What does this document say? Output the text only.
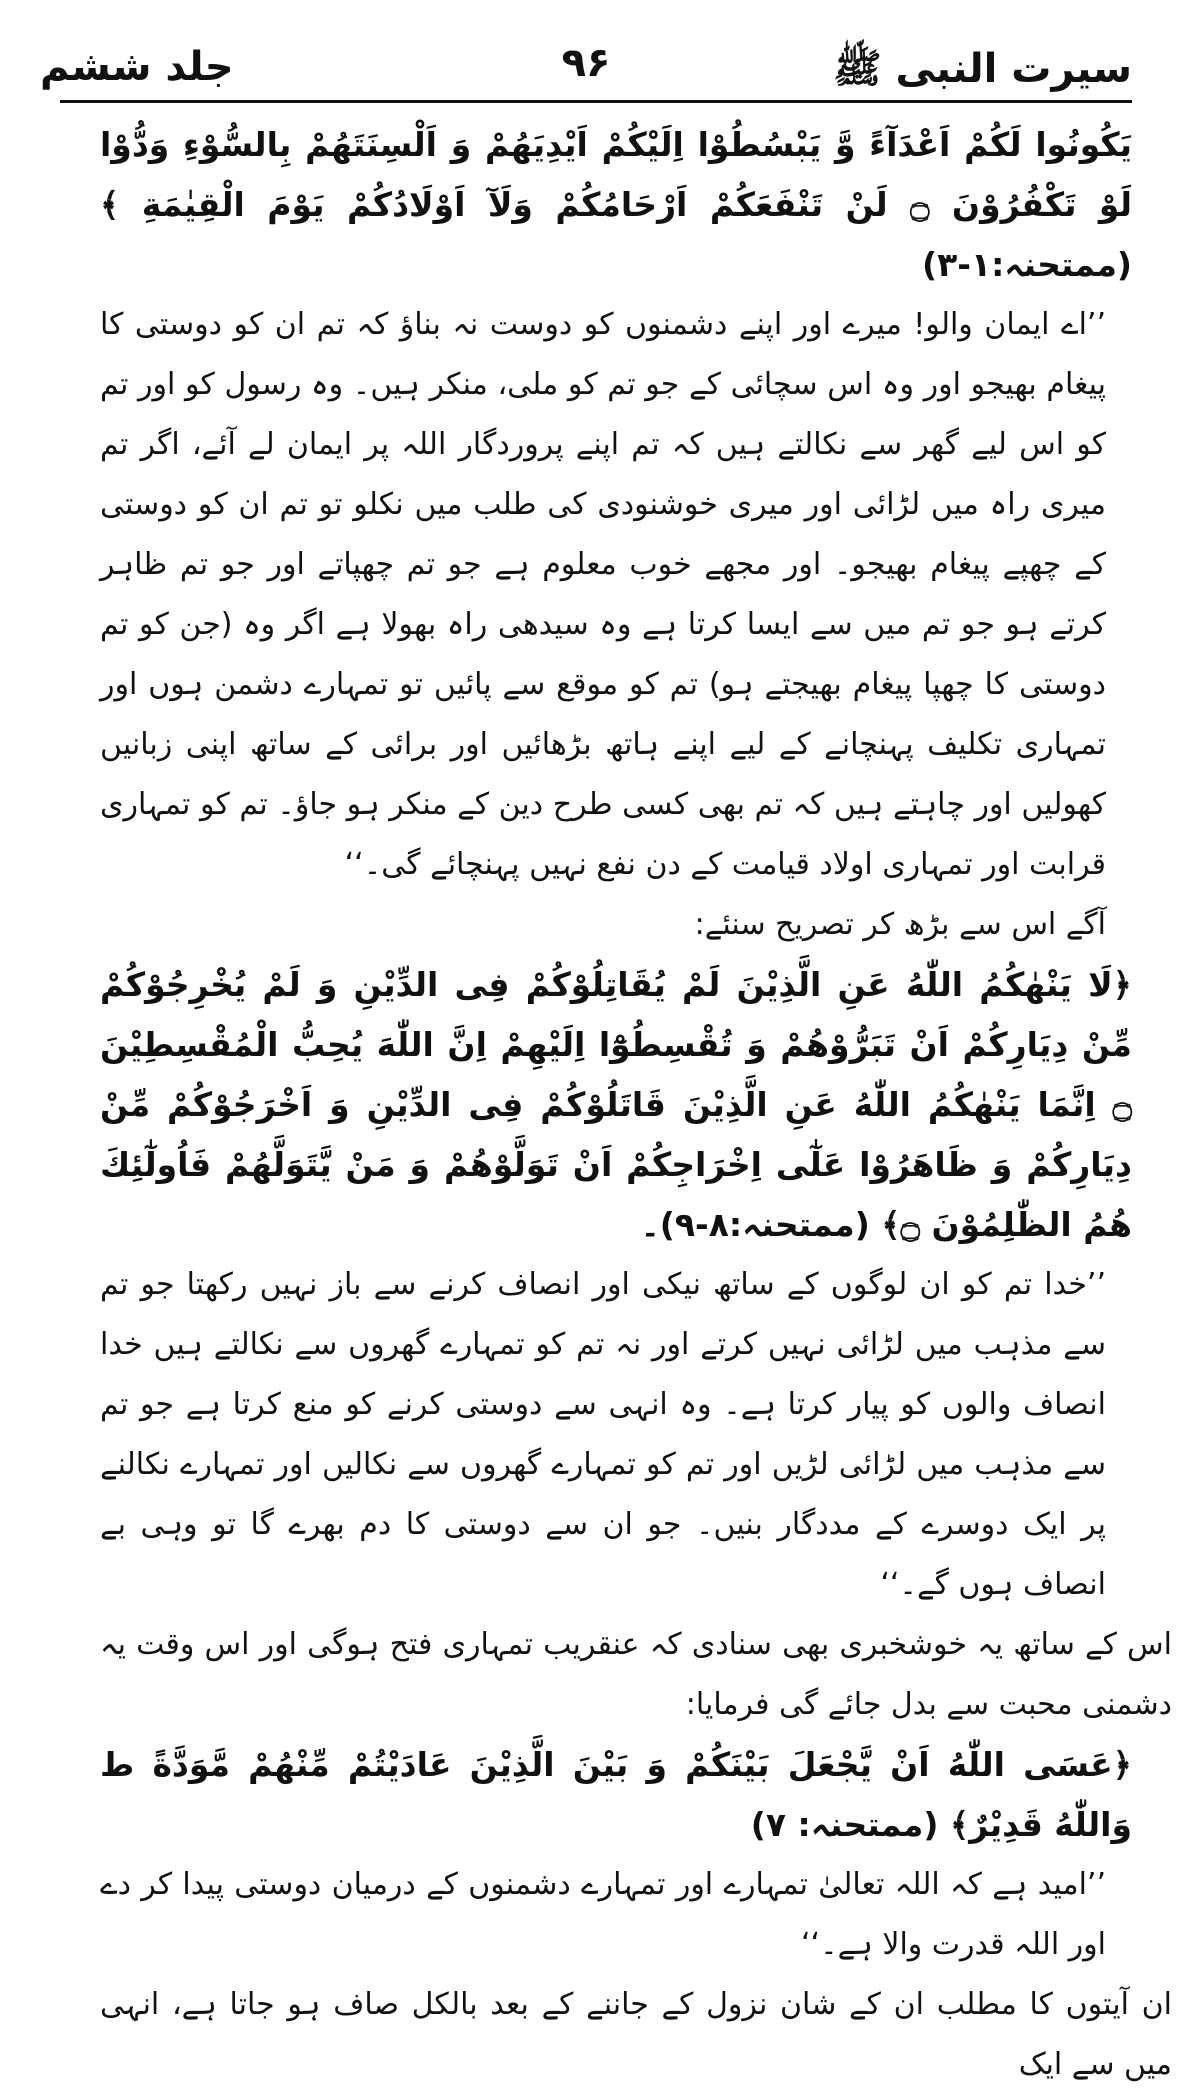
سیرت النبی ﷺ
۹۶
جلد ششم

يَكُونُوا لَكُمْ اَعْدَآءً وَّ يَبْسُطُوْا اِلَيْكُمْ اَيْدِيَهُمْ وَ اَلْسِنَتَهُمْ بِالسُّوْءِ وَدُّوْا لَوْ تَكْفُرُوْنَ ۝ لَنْ تَنْفَعَكُمْ اَرْحَامُكُمْ وَلَآ اَوْلَادُكُمْ يَوْمَ الْقِيٰمَةِ ﴾ (ممتحنہ:۱-۳)

’’اے ایمان والو! میرے اور اپنے دشمنوں کو دوست نہ بناؤ کہ تم ان کو دوستی کا پیغام بھیجو اور وہ اس سچائی کے جو تم کو ملی، منکر ہیں۔ وہ رسول کو اور تم کو اس لیے گھر سے نکالتے ہیں کہ تم اپنے پروردگار اللہ پر ایمان لے آئے، اگر تم میری راہ میں لڑائی اور میری خوشنودی کی طلب میں نکلو تو تم ان کو دوستی کے چھپے پیغام بھیجو۔ اور مجھے خوب معلوم ہے جو تم چھپاتے اور جو تم ظاہر کرتے ہو جو تم میں سے ایسا کرتا ہے وہ سیدھی راہ بھولا ہے اگر وہ (جن کو تم دوستی کا چھپا پیغام بھیجتے ہو) تم کو موقع سے پائیں تو تمہارے دشمن ہوں اور تمہاری تکلیف پہنچانے کے لیے اپنے ہاتھ بڑھائیں اور برائی کے ساتھ اپنی زبانیں کھولیں اور چاہتے ہیں کہ تم بھی کسی طرح دین کے منکر ہو جاؤ۔ تم کو تمہاری قرابت اور تمہاری اولاد قیامت کے دن نفع نہیں پہنچائے گی۔‘‘

آگے اس سے بڑھ کر تصریح سنئے:

﴿لَا يَنْهٰكُمُ اللّٰهُ عَنِ الَّذِيْنَ لَمْ يُقَاتِلُوْكُمْ فِى الدِّيْنِ وَ لَمْ يُخْرِجُوْكُمْ مِّنْ دِيَارِكُمْ اَنْ تَبَرُّوْهُمْ وَ تُقْسِطُوْٓا اِلَيْهِمْ اِنَّ اللّٰهَ يُحِبُّ الْمُقْسِطِيْنَ ۝ اِنَّمَا يَنْهٰكُمُ اللّٰهُ عَنِ الَّذِيْنَ قَاتَلُوْكُمْ فِى الدِّيْنِ وَ اَخْرَجُوْكُمْ مِّنْ دِيَارِكُمْ وَ ظَاهَرُوْا عَلٰٓى اِخْرَاجِكُمْ اَنْ تَوَلَّوْهُمْ وَ مَنْ يَّتَوَلَّهُمْ فَاُولٰٓئِكَ هُمُ الظّٰلِمُوْنَ ۝﴾ (ممتحنہ:۸-۹)۔

’’خدا تم کو ان لوگوں کے ساتھ نیکی اور انصاف کرنے سے باز نہیں رکھتا جو تم سے مذہب میں لڑائی نہیں کرتے اور نہ تم کو تمہارے گھروں سے نکالتے ہیں خدا انصاف والوں کو پیار کرتا ہے۔ وہ انہی سے دوستی کرنے کو منع کرتا ہے جو تم سے مذہب میں لڑائی لڑیں اور تم کو تمہارے گھروں سے نکالیں اور تمہارے نکالنے پر ایک دوسرے کے مددگار بنیں۔ جو ان سے دوستی کا دم بھرے گا تو وہی بے انصاف ہوں گے۔‘‘

اس کے ساتھ یہ خوشخبری بھی سنادی کہ عنقریب تمہاری فتح ہوگی اور اس وقت یہ دشمنی محبت سے بدل جائے گی فرمایا:

﴿عَسَى اللّٰهُ اَنْ يَّجْعَلَ بَيْنَكُمْ وَ بَيْنَ الَّذِيْنَ عَادَيْتُمْ مِّنْهُمْ مَّوَدَّةً ط وَاللّٰهُ قَدِيْرٌ﴾ (ممتحنہ: ۷)

’’امید ہے کہ اللہ تعالیٰ تمہارے اور تمہارے دشمنوں کے درمیان دوستی پیدا کر دے اور اللہ قدرت والا ہے۔‘‘

ان آیتوں کا مطلب ان کے شان نزول کے جاننے کے بعد بالکل صاف ہو جاتا ہے، انہی میں سے ایک
